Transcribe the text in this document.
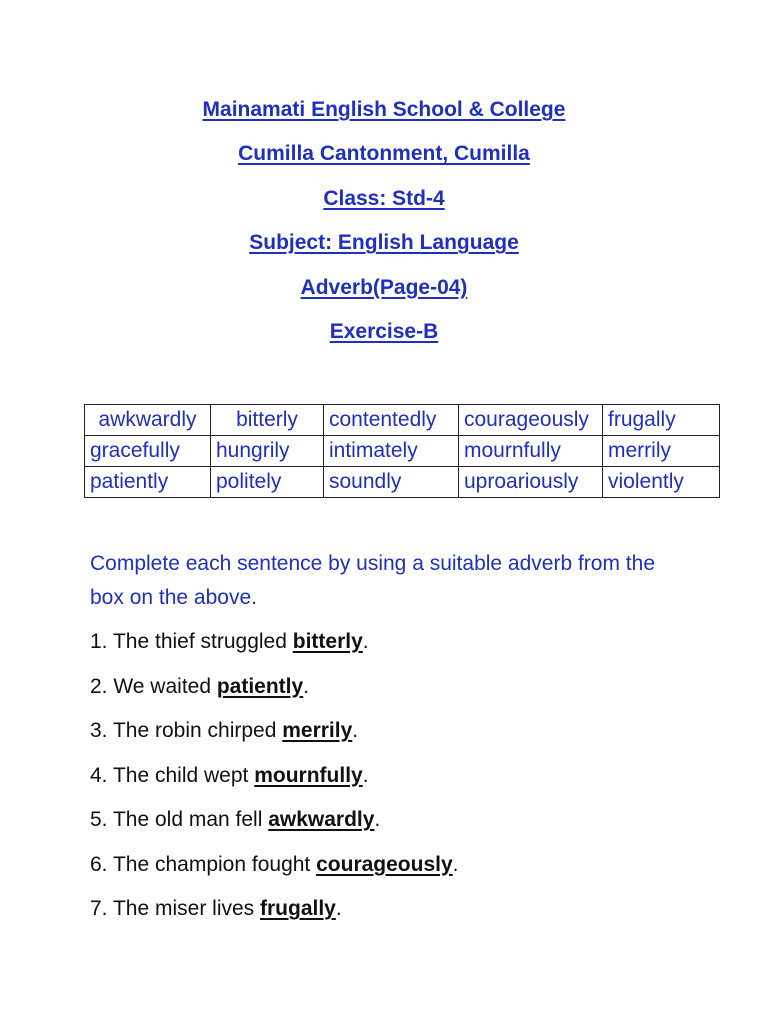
Mainamati English School & College
Cumilla Cantonment, Cumilla
Class: Std-4
Subject: English Language
Adverb(Page-04)
Exercise-B
awkwardly	bitterly	contentedly	courageously	frugally
gracefully	hungrily	intimately	mournfully	merrily
patiently	politely	soundly	uproariously	violently
Complete each sentence by using a suitable adverb from the box on the above.
1. The thief struggled bitterly.
2. We waited patiently.
3. The robin chirped merrily.
4. The child wept mournfully.
5. The old man fell awkwardly.
6. The champion fought courageously.
7. The miser lives frugally.
